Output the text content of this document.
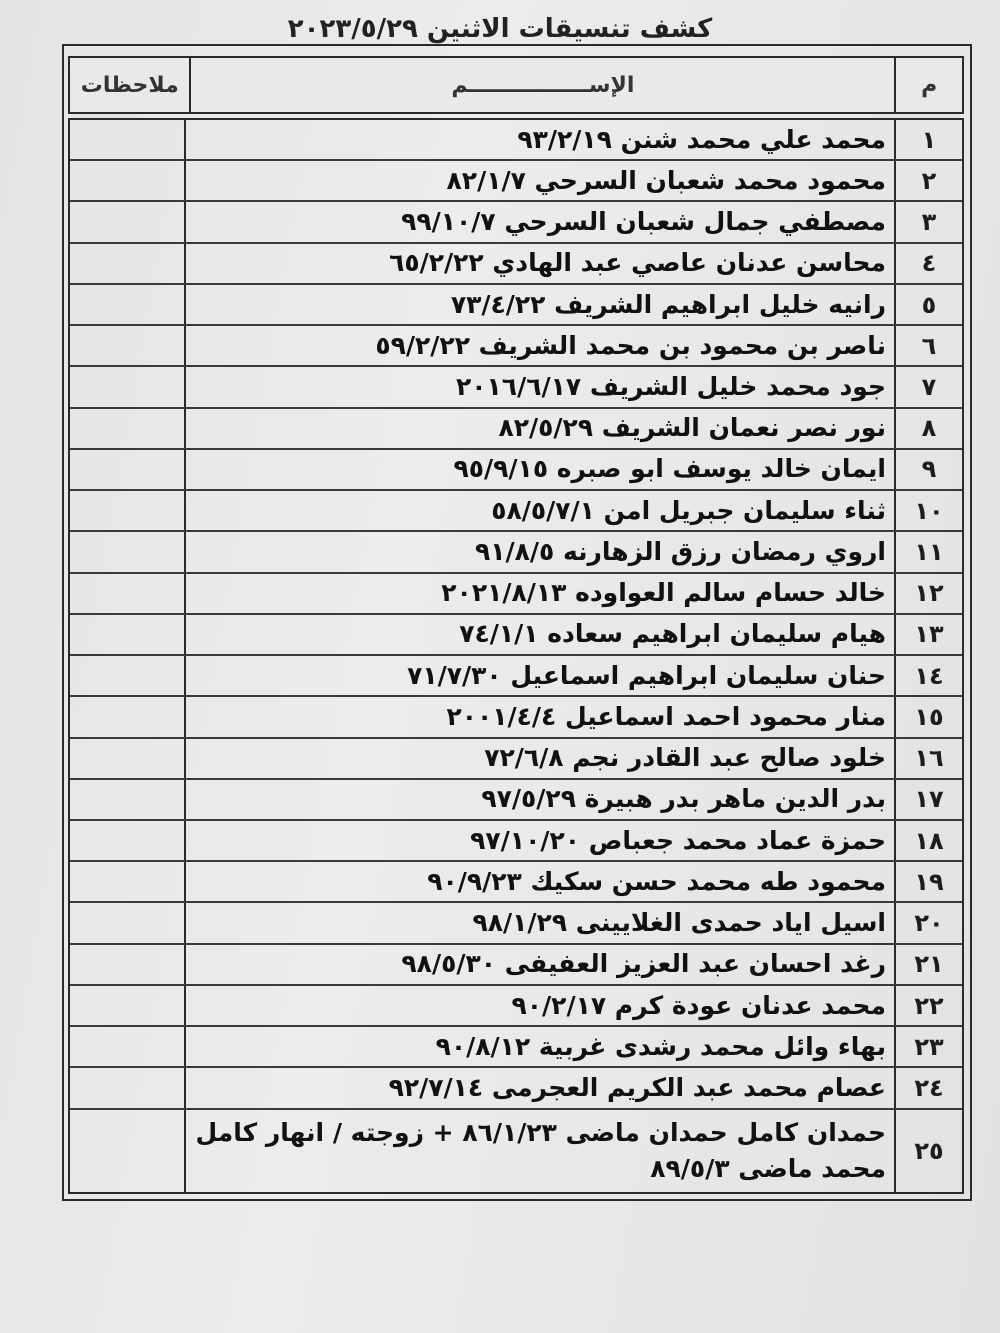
كشف تنسيقات الاثنين ٢٠٢٣/٥/٢٩
م
الإســــــــــــــــم
ملاحظات
١
محمد علي محمد شنن ٩٣/٢/١٩
٢
محمود محمد شعبان السرحي ٨٢/١/٧
٣
مصطفي جمال شعبان السرحي ٩٩/١٠/٧
٤
محاسن عدنان عاصي عبد الهادي ٦٥/٢/٢٢
٥
رانيه خليل ابراهيم الشريف ٧٣/٤/٢٢
٦
ناصر بن محمود بن محمد الشريف ٥٩/٢/٢٢
٧
جود محمد خليل الشريف ٢٠١٦/٦/١٧
٨
نور نصر نعمان الشريف ٨٢/٥/٢٩
٩
ايمان خالد يوسف ابو صبره ٩٥/٩/١٥
١٠
ثناء سليمان جبريل امن ٥٨/٥/٧/١
١١
اروي رمضان رزق الزهارنه ٩١/٨/٥
١٢
خالد حسام سالم العواوده ٢٠٢١/٨/١٣
١٣
هيام سليمان ابراهيم سعاده ٧٤/١/١
١٤
حنان سليمان ابراهيم اسماعيل ٧١/٧/٣٠
١٥
منار محمود احمد اسماعيل ٢٠٠١/٤/٤
١٦
خلود صالح عبد القادر نجم ٧٢/٦/٨
١٧
بدر الدين ماهر بدر هبيرة ٩٧/٥/٢٩
١٨
حمزة عماد محمد جعباص ٩٧/١٠/٢٠
١٩
محمود طه محمد حسن سكيك ٩٠/٩/٢٣
٢٠
اسيل اياد حمدى الغلايينى ٩٨/١/٢٩
٢١
رغد احسان عبد العزيز العفيفى ٩٨/٥/٣٠
٢٢
محمد عدنان عودة كرم ٩٠/٢/١٧
٢٣
بهاء وائل محمد رشدى غربية ٩٠/٨/١٢
٢٤
عصام محمد عبد الكريم العجرمى ٩٢/٧/١٤
٢٥
حمدان كامل حمدان ماضى ٨٦/١/٢٣ + زوجته / انهار كامل محمد ماضى ٨٩/٥/٣
